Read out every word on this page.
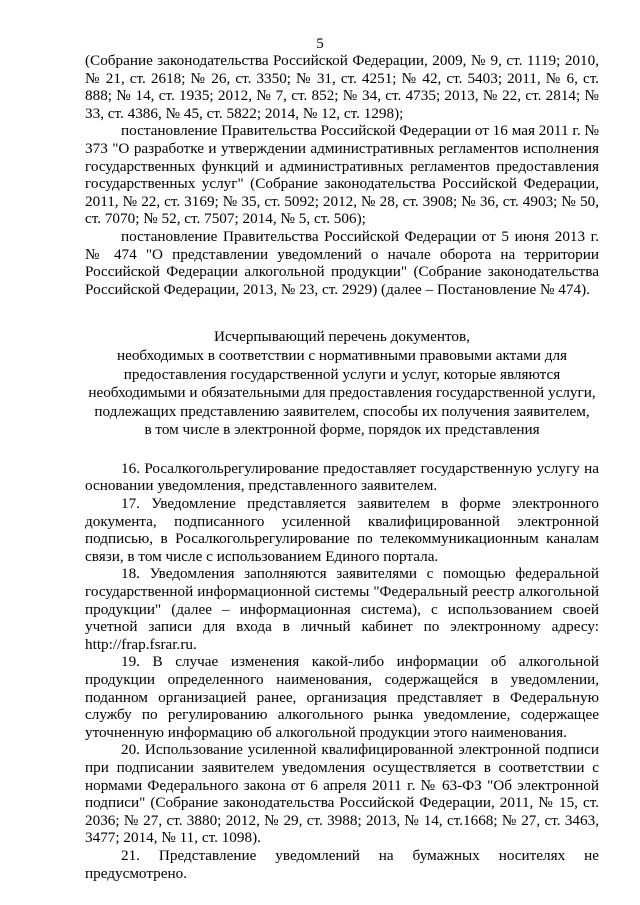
5

(Собрание законодательства Российской Федерации, 2009, № 9, ст. 1119; 2010, № 21, ст. 2618; № 26, ст. 3350; № 31, ст. 4251; № 42, ст. 5403; 2011, № 6, ст. 888; № 14, ст. 1935; 2012, № 7, ст. 852; № 34, ст. 4735; 2013, № 22, ст. 2814; № 33, ст. 4386, № 45, ст. 5822; 2014, № 12, ст. 1298);

постановление Правительства Российской Федерации от 16 мая 2011 г. № 373 "О разработке и утверждении административных регламентов исполнения государственных функций и административных регламентов предоставления государственных услуг" (Собрание законодательства Российской Федерации, 2011, № 22, ст. 3169; № 35, ст. 5092; 2012, № 28, ст. 3908; № 36, ст. 4903; № 50, ст. 7070; № 52, ст. 7507; 2014, № 5, ст. 506);

постановление Правительства Российской Федерации от 5 июня 2013 г. № 474 "О представлении уведомлений о начале оборота на территории Российской Федерации алкогольной продукции" (Собрание законодательства Российской Федерации, 2013, № 23, ст. 2929) (далее – Постановление № 474).

Исчерпывающий перечень документов,
необходимых в соответствии с нормативными правовыми актами для
предоставления государственной услуги и услуг, которые являются
необходимыми и обязательными для предоставления государственной услуги,
подлежащих представлению заявителем, способы их получения заявителем,
в том числе в электронной форме, порядок их представления

16. Росалкогольрегулирование предоставляет государственную услугу на основании уведомления, представленного заявителем.

17. Уведомление представляется заявителем в форме электронного документа, подписанного усиленной квалифицированной электронной подписью, в Росалкогольрегулирование по телекоммуникационным каналам связи, в том числе с использованием Единого портала.

18. Уведомления заполняются заявителями с помощью федеральной государственной информационной системы "Федеральный реестр алкогольной продукции" (далее – информационная система), с использованием своей учетной записи для входа в личный кабинет по электронному адресу: http://frap.fsrar.ru.

19. В случае изменения какой-либо информации об алкогольной продукции определенного наименования, содержащейся в уведомлении, поданном организацией ранее, организация представляет в Федеральную службу по регулированию алкогольного рынка уведомление, содержащее уточненную информацию об алкогольной продукции этого наименования.

20. Использование усиленной квалифицированной электронной подписи при подписании заявителем уведомления осуществляется в соответствии с нормами Федерального закона от 6 апреля 2011 г. № 63-ФЗ "Об электронной подписи" (Собрание законодательства Российской Федерации, 2011, № 15, ст. 2036; № 27, ст. 3880; 2012, № 29, ст. 3988; 2013, № 14, ст.1668; № 27, ст. 3463, 3477; 2014, № 11, ст. 1098).

21. Представление уведомлений на бумажных носителях не предусмотрено.
